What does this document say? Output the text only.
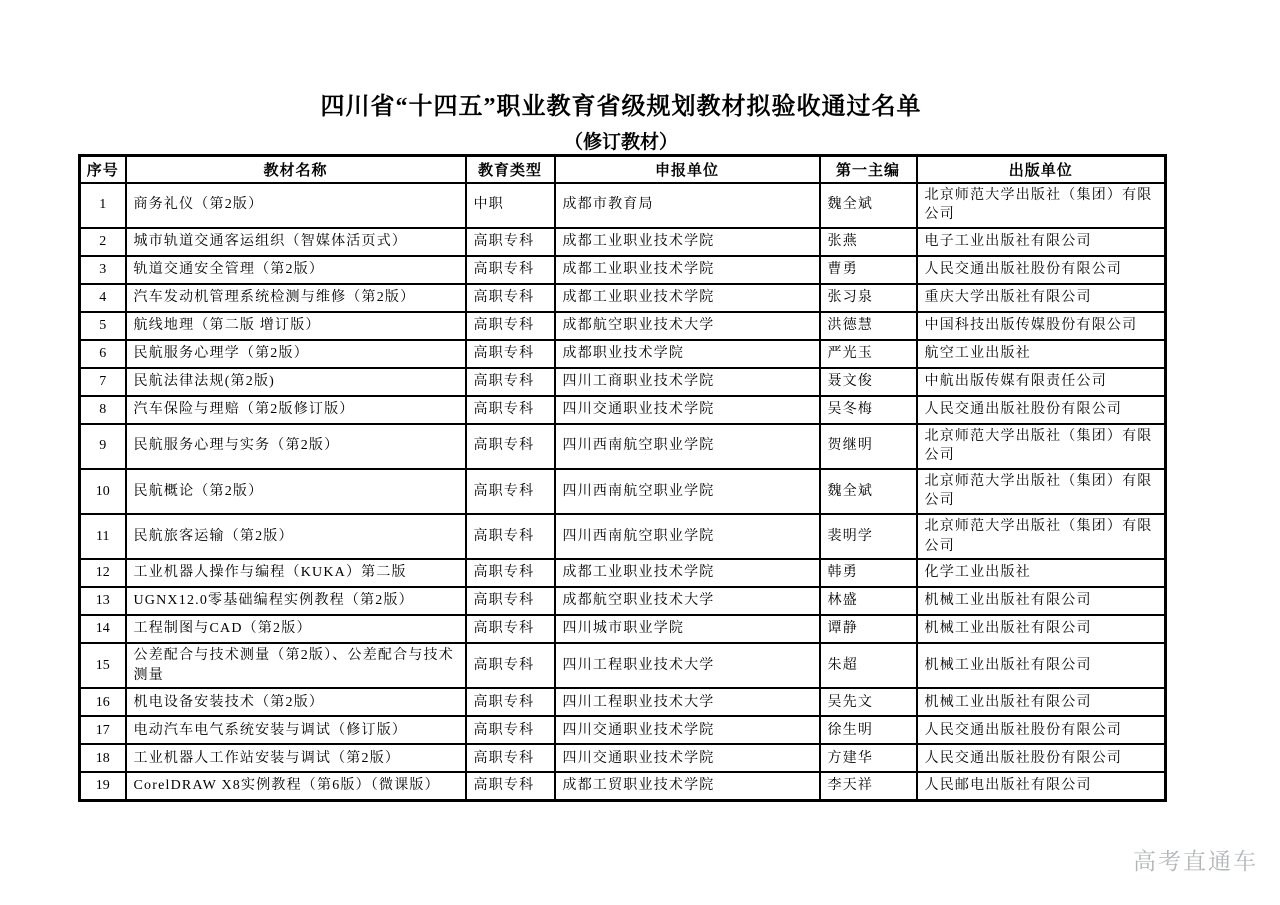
四川省“十四五”职业教育省级规划教材拟验收通过名单
（修订教材）
序号	教材名称	教育类型	申报单位	第一主编	出版单位
1	商务礼仪（第2版）	中职	成都市教育局	魏全斌	北京师范大学出版社（集团）有限公司
2	城市轨道交通客运组织（智媒体活页式）	高职专科	成都工业职业技术学院	张燕	电子工业出版社有限公司
3	轨道交通安全管理（第2版）	高职专科	成都工业职业技术学院	曹勇	人民交通出版社股份有限公司
4	汽车发动机管理系统检测与维修（第2版）	高职专科	成都工业职业技术学院	张习泉	重庆大学出版社有限公司
5	航线地理（第二版 增订版）	高职专科	成都航空职业技术大学	洪德慧	中国科技出版传媒股份有限公司
6	民航服务心理学（第2版）	高职专科	成都职业技术学院	严光玉	航空工业出版社
7	民航法律法规(第2版)	高职专科	四川工商职业技术学院	聂文俊	中航出版传媒有限责任公司
8	汽车保险与理赔（第2版修订版）	高职专科	四川交通职业技术学院	吴冬梅	人民交通出版社股份有限公司
9	民航服务心理与实务（第2版）	高职专科	四川西南航空职业学院	贺继明	北京师范大学出版社（集团）有限公司
10	民航概论（第2版）	高职专科	四川西南航空职业学院	魏全斌	北京师范大学出版社（集团）有限公司
11	民航旅客运输（第2版）	高职专科	四川西南航空职业学院	裴明学	北京师范大学出版社（集团）有限公司
12	工业机器人操作与编程（KUKA）第二版	高职专科	成都工业职业技术学院	韩勇	化学工业出版社
13	UGNX12.0零基础编程实例教程（第2版）	高职专科	成都航空职业技术大学	林盛	机械工业出版社有限公司
14	工程制图与CAD（第2版）	高职专科	四川城市职业学院	谭静	机械工业出版社有限公司
15	公差配合与技术测量（第2版）、公差配合与技术测量	高职专科	四川工程职业技术大学	朱超	机械工业出版社有限公司
16	机电设备安装技术（第2版）	高职专科	四川工程职业技术大学	吴先文	机械工业出版社有限公司
17	电动汽车电气系统安装与调试（修订版）	高职专科	四川交通职业技术学院	徐生明	人民交通出版社股份有限公司
18	工业机器人工作站安装与调试（第2版）	高职专科	四川交通职业技术学院	方建华	人民交通出版社股份有限公司
19	CorelDRAW X8实例教程（第6版）（微课版）	高职专科	成都工贸职业技术学院	李天祥	人民邮电出版社有限公司
高考直通车
